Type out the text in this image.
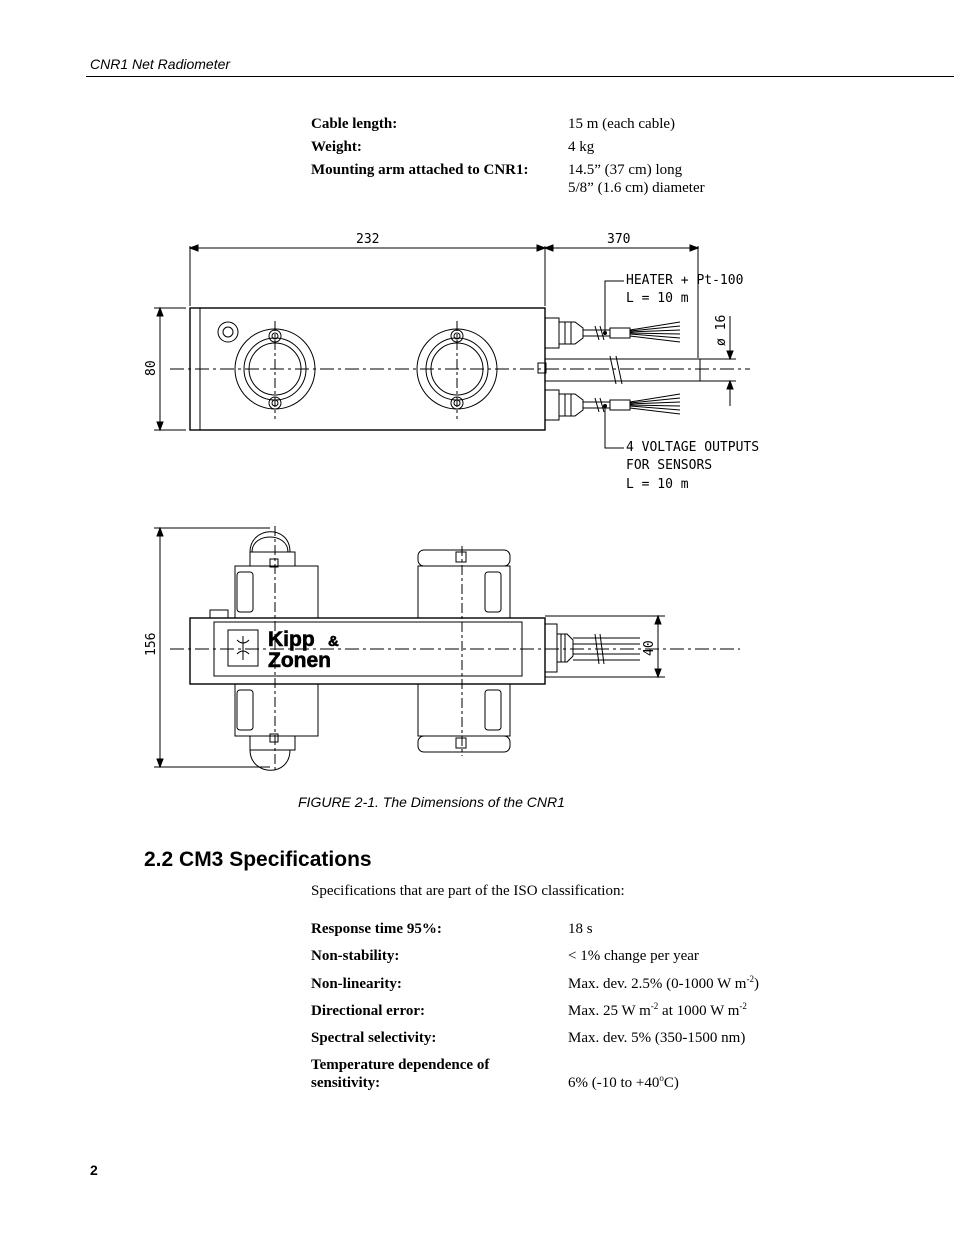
CNR1 Net Radiometer
Cable length:	15 m (each cable)
Weight:	4 kg
Mounting arm attached to CNR1:	14.5” (37 cm) long
5/8” (1.6 cm) diameter
232	370
80
ø 16
HEATER + Pt-100
L = 10 m
4 VOLTAGE OUTPUTS
FOR SENSORS
L = 10 m
156	40
Kipp &
Zonen
FIGURE 2-1. The Dimensions of the CNR1
2.2 CM3 Specifications
Specifications that are part of the ISO classification:
Response time 95%:	18 s
Non-stability:	< 1% change per year
Non-linearity:	Max. dev. 2.5% (0-1000 W $m^{-2}$)
Directional error:	Max. 25 W $m^{-2}$ at 1000 W $m^{-2}$
Spectral selectivity:	Max. dev. 5% (350-1500 nm)
Temperature dependence of
sensitivity:	6% (-10 to $+40^oC$)
2
